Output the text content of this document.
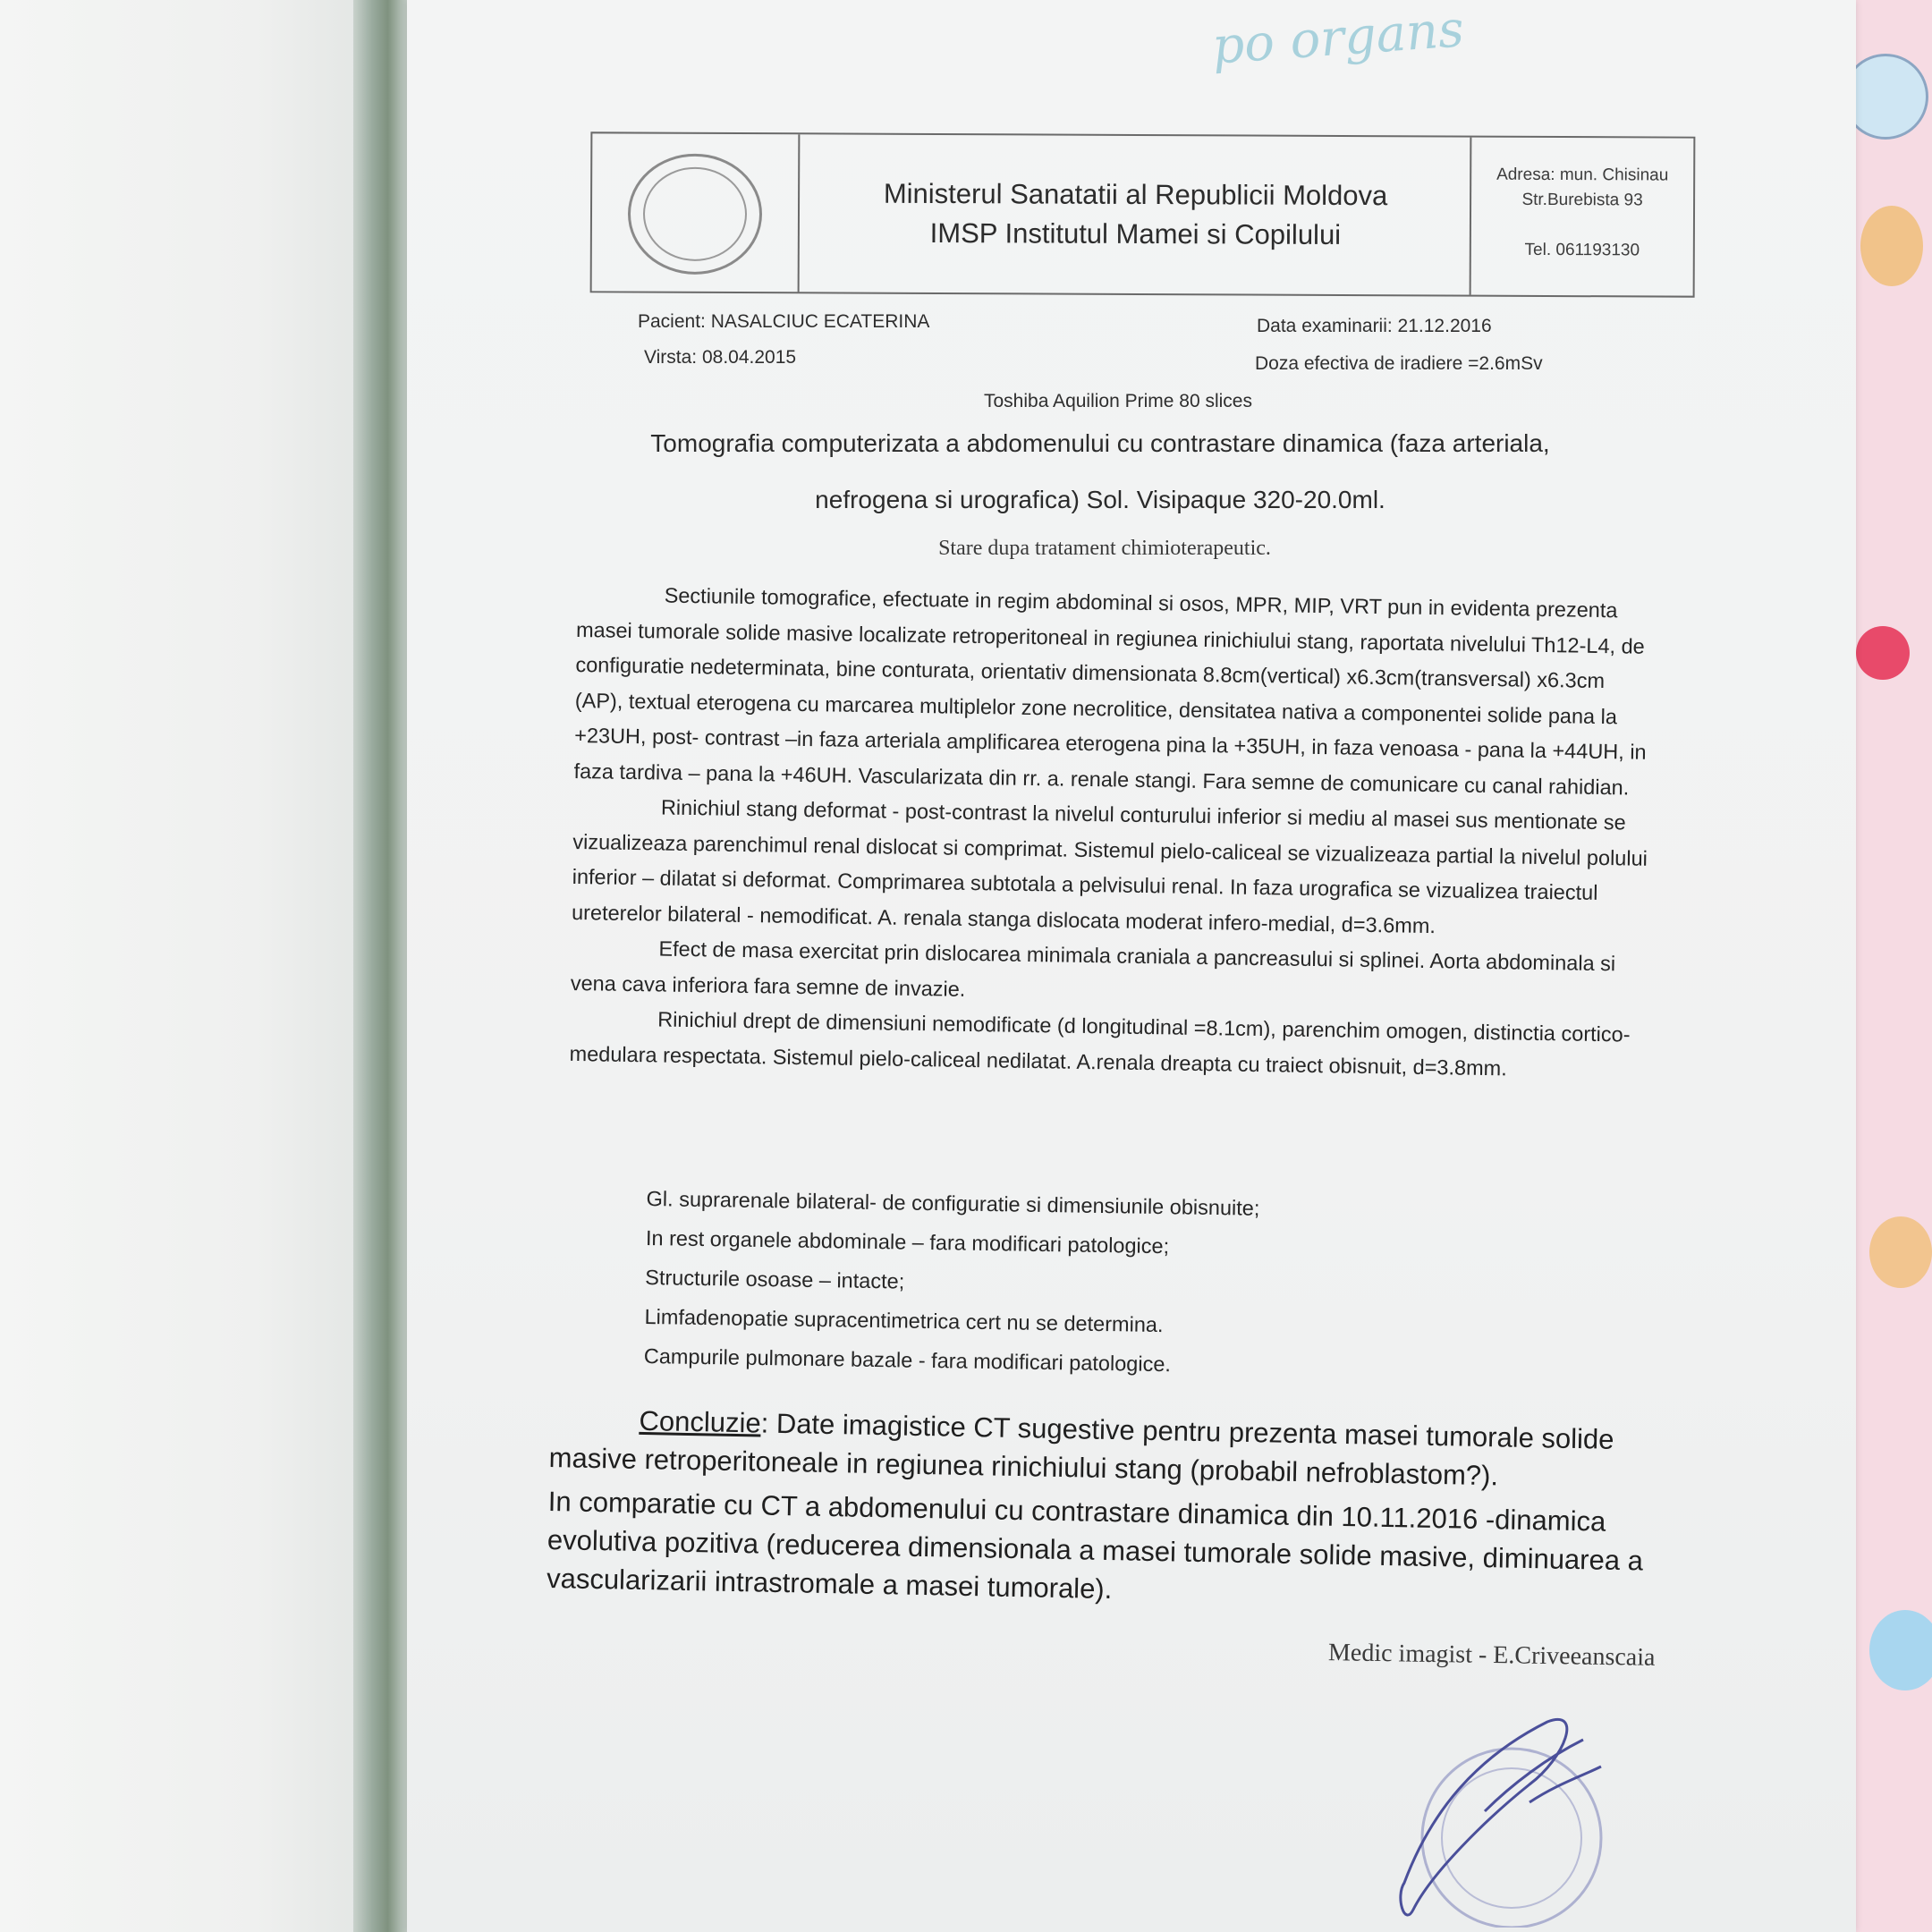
po organs
Ministerul Sanatatii al Republicii Moldova
IMSP Institutul Mamei si Copilului
Adresa: mun. Chisinau
Str.Burebista 93
Tel. 061193130
Pacient: NASALCIUC ECATERINA
Virsta: 08.04.2015
Data examinarii: 21.12.2016
Doza efectiva de iradiere =2.6mSv
Toshiba Aquilion Prime 80 slices
Tomografia computerizata a abdomenului cu contrastare dinamica (faza arteriala,
nefrogena si urografica) Sol. Visipaque 320-20.0ml.
Stare dupa tratament chimioterapeutic.

Sectiunile tomografice, efectuate in regim abdominal si osos, MPR, MIP, VRT pun in evidenta prezenta masei tumorale solide masive localizate retroperitoneal in regiunea rinichiului stang, raportata nivelului Th12-L4, de configuratie nedeterminata, bine conturata, orientativ dimensionata 8.8cm(vertical) x6.3cm(transversal) x6.3cm (AP), textual eterogena cu marcarea multiplelor zone necrolitice, densitatea nativa a componentei solide pana la +23UH, post- contrast –in faza arteriala amplificarea eterogena pina la +35UH, in faza venoasa - pana la +44UH, in faza tardiva – pana la +46UH. Vascularizata din rr. a. renale stangi. Fara semne de comunicare cu canal rahidian.

Rinichiul stang deformat - post-contrast la nivelul conturului inferior si mediu al masei sus mentionate se vizualizeaza parenchimul renal dislocat si comprimat. Sistemul pielo-caliceal se vizualizeaza partial la nivelul polului inferior – dilatat si deformat. Comprimarea subtotala a pelvisului renal. In faza urografica se vizualizea traiectul ureterelor bilateral - nemodificat. A. renala stanga dislocata moderat infero-medial, d=3.6mm.

Efect de masa exercitat prin dislocarea minimala craniala a pancreasului si splinei. Aorta abdominala si vena cava inferiora fara semne de invazie.

Rinichiul drept de dimensiuni nemodificate (d longitudinal =8.1cm), parenchim omogen, distinctia cortico-medulara respectata. Sistemul pielo-caliceal nedilatat. A.renala dreapta cu traiect obisnuit, d=3.8mm.

Gl. suprarenale bilateral- de configuratie si dimensiunile obisnuite;
In rest organele abdominale – fara modificari patologice;
Structurile osoase – intacte;
Limfadenopatie supracentimetrica cert nu se determina.
Campurile pulmonare bazale - fara modificari patologice.

Concluzie: Date imagistice CT sugestive pentru prezenta masei tumorale solide masive retroperitoneale in regiunea rinichiului stang (probabil nefroblastom?).

In comparatie cu CT a abdomenului cu contrastare dinamica din 10.11.2016 -dinamica evolutiva pozitiva (reducerea dimensionala a masei tumorale solide masive, diminuarea a vascularizarii intrastromale a masei tumorale).

Medic imagist - E.Criveeanscaia
